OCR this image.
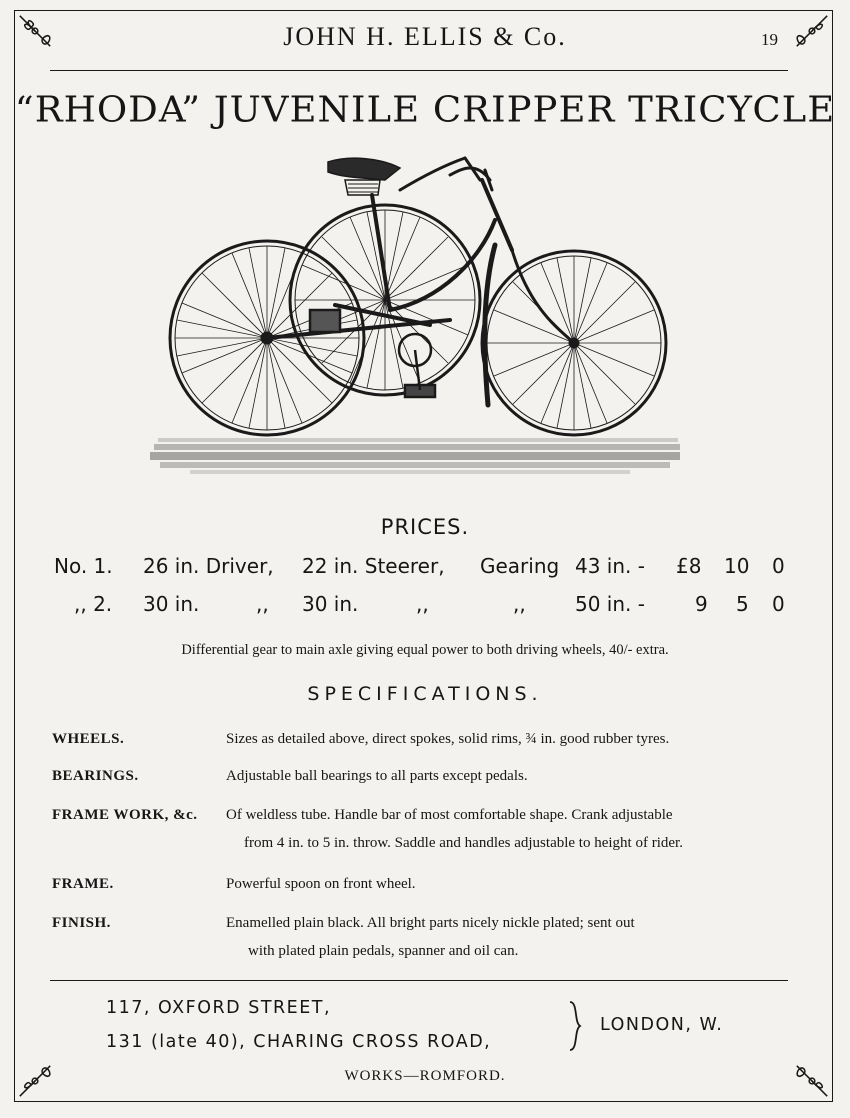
JOHN H. ELLIS & Co.	19
“RHODA” JUVENILE CRIPPER TRICYCLE
PRICES.
No. 1. 26 in. Driver, 22 in. Steerer, Gearing 43 in. - £8 10 0
,, 2. 30 in.	,, 30 in.	,,	,, 50 in. -	9 5 0
Differential gear to main axle giving equal power to both driving wheels, 40/- extra.
SPECIFICATIONS.
WHEELS.	Sizes as detailed above, direct spokes, solid rims, ¾ in. good rubber tyres.
BEARINGS.	Adjustable ball bearings to all parts except pedals.
FRAME WORK, &c. Of weldless tube. Handle bar of most comfortable shape. Crank adjustable
from 4 in. to 5 in. throw. Saddle and handles adjustable to height of rider.
FRAME.	Powerful spoon on front wheel.
FINISH.	Enamelled plain black. All bright parts nicely nickle plated; sent out
with plated plain pedals, spanner and oil can.
117, OXFORD STREET,
131 (late 40), CHARING CROSS ROAD,
LONDON, W.
WORKS—ROMFORD.
